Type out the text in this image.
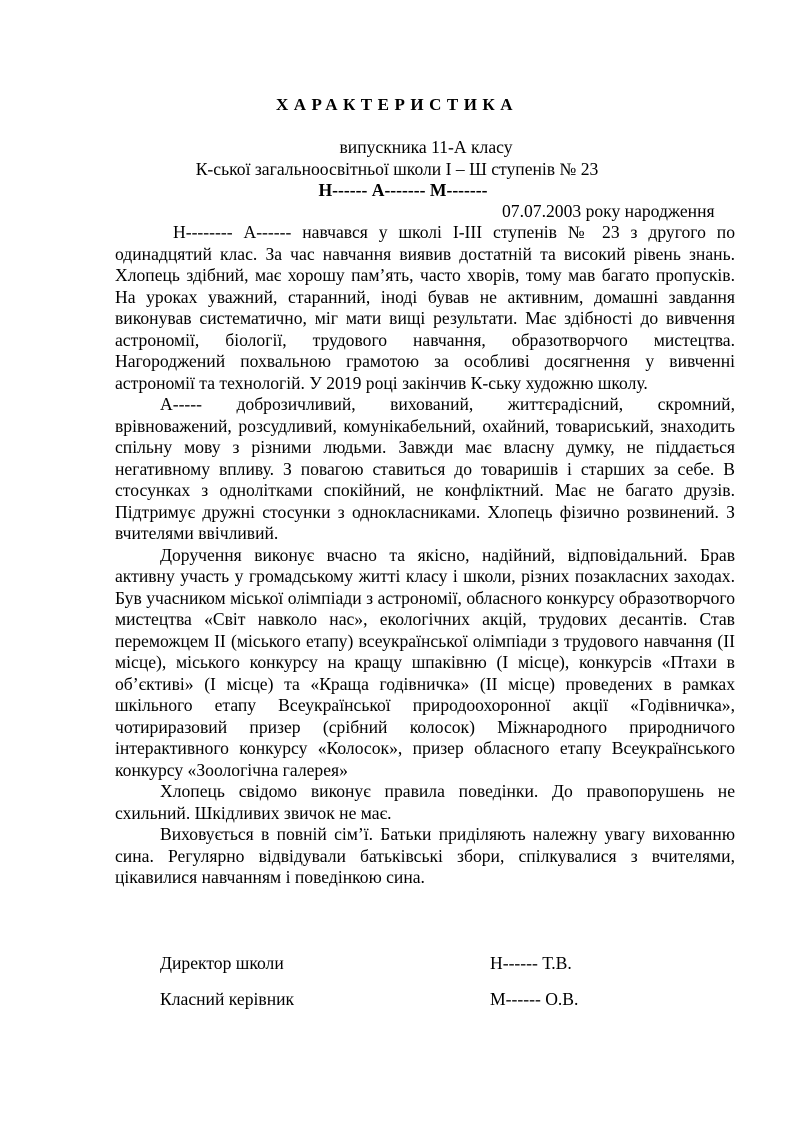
ХАРАКТЕРИСТИКА
випускника 11-А класу
К-ської загальноосвітньої школи І – Ш ступенів № 23
Н------ А------- М-------
07.07.2003 року народження

Н-------- А------ навчався у школі І-ІІІ ступенів № 23 з другого по одинадцятий клас. За час навчання виявив достатній та високий рівень знань. Хлопець здібний, має хорошу пам’ять, часто хворів, тому мав багато пропусків. На уроках уважний, старанний, іноді бував не активним, домашні завдання виконував систематично, міг мати вищі результати. Має здібності до вивчення астрономії, біології, трудового навчання, образотворчого мистецтва. Нагороджений похвальною грамотою за особливі досягнення у вивченні астрономії та технологій. У 2019 році закінчив К-ську художню школу.

А----- доброзичливий, вихований, життєрадісний, скромний, врівноважений, розсудливий, комунікабельний, охайний, товариський, знаходить спільну мову з різними людьми. Завжди має власну думку, не піддається негативному впливу. З повагою ставиться до товаришів і старших за себе. В стосунках з однолітками спокійний, не конфліктний. Має не багато друзів. Підтримує дружні стосунки з однокласниками. Хлопець фізично розвинений. З вчителями ввічливий.

Доручення виконує вчасно та якісно, надійний, відповідальний. Брав активну участь у громадському житті класу і школи, різних позакласних заходах. Був учасником міської олімпіади з астрономії, обласного конкурсу образотворчого мистецтва «Світ навколо нас», екологічних акцій, трудових десантів. Став переможцем ІІ (міського етапу) всеукраїнської олімпіади з трудового навчання (ІІ місце), міського конкурсу на кращу шпаківню (І місце), конкурсів «Птахи в об’єктиві» (І місце) та «Краща годівничка» (ІІ місце) проведених в рамках шкільного етапу Всеукраїнської природоохоронної акції «Годівничка», чотириразовий призер (срібний колосок) Міжнародного природничого інтерактивного конкурсу «Колосок», призер обласного етапу Всеукраїнського конкурсу «Зоологічна галерея»

Хлопець свідомо виконує правила поведінки. До правопорушень не схильний. Шкідливих звичок не має.

Виховується в повній сім’ї. Батьки приділяють належну увагу вихованню сина. Регулярно відвідували батьківські збори, спілкувалися з вчителями, цікавилися навчанням і поведінкою сина.

Директор школи	Н------ Т.В.
Класний керівник	М------ О.В.
